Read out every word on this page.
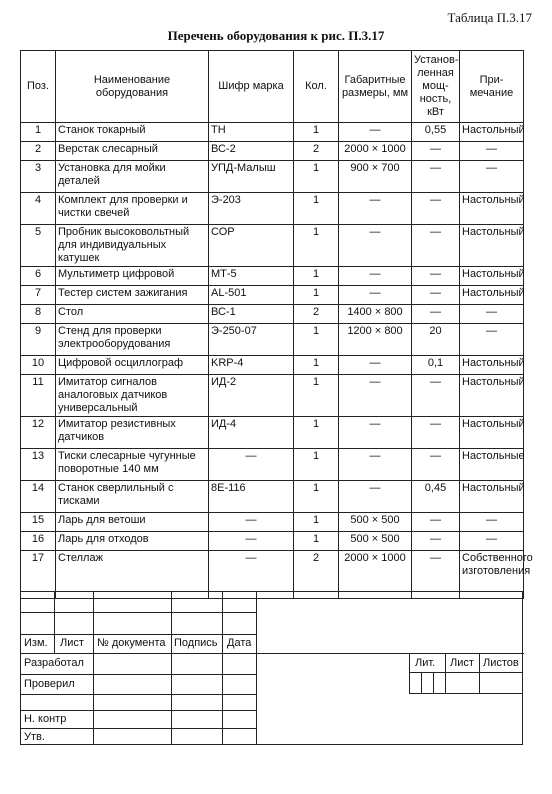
Таблица П.3.17
Перечень оборудования к рис. П.3.17
Поз.	Наименование оборудования	Шифр марка	Кол.	Габаритные размеры, мм	Установ-ленная мощ-ность, кВт	При-мечание
1	Станок токарный	ТН	1	—	0,55	Настольный
2	Верстак слесарный	ВС-2	2	2000 × 1000	—	—
3	Установка для мойки деталей	УПД-Малыш	1	900 × 700	—	—
4	Комплект для проверки и чистки свечей	Э-203	1	—	—	Настольный
5	Пробник высоковольтный для индивидуальных катушек	СОР	1	—	—	Настольный
6	Мультиметр цифровой	МТ-5	1	—	—	Настольный
7	Тестер систем зажигания	AL-501	1	—	—	Настольный
8	Стол	ВС-1	2	1400 × 800	—	—
9	Стенд для проверки электрооборудования	Э-250-07	1	1200 × 800	20	—
10	Цифровой осциллограф	KRP-4	1	—	0,1	Настольный
11	Имитатор сигналов аналоговых датчиков универсальный	ИД-2	1	—	—	Настольный
12	Имитатор резистивных датчиков	ИД-4	1	—	—	Настольный
13	Тиски слесарные чугунные поворотные 140 мм	—	1	—	—	Настольные
14	Станок сверлильный с тисками	8Е-116	1	—	0,45	Настольный
15	Ларь для ветоши	—	1	500 × 500	—	—
16	Ларь для отходов	—	1	500 × 500	—	—
17	Стеллаж	—	2	2000 × 1000	—	Собственного изготовления
Изм. Лист № документа Подпись Дата
Разработал
Проверил
Н. контр
Утв.
Лит. Лист Листов
